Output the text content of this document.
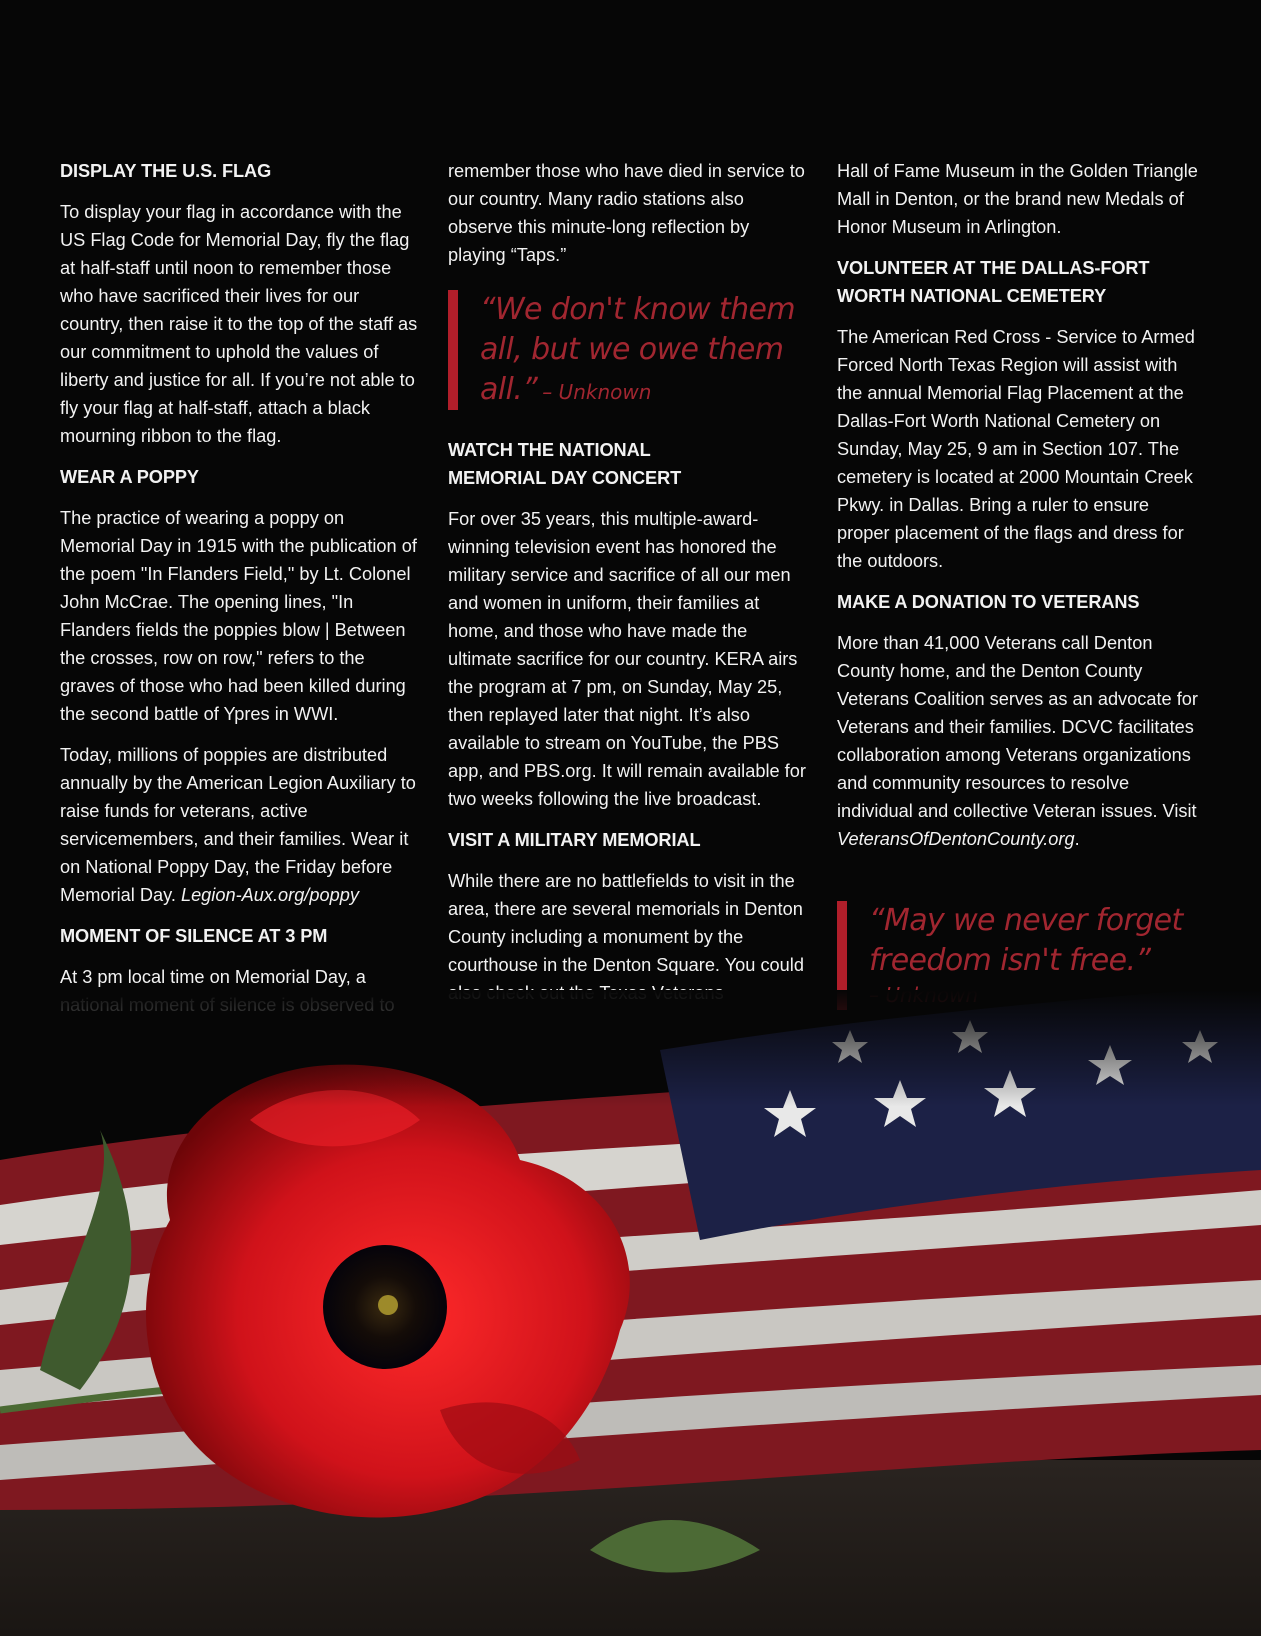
DISPLAY THE U.S. FLAG

To display your flag in accordance with the US Flag Code for Memorial Day, fly the flag at half-staff until noon to remember those who have sacrificed their lives for our country, then raise it to the top of the staff as our commitment to uphold the values of liberty and justice for all. If you’re not able to fly your flag at half-staff, attach a black mourning ribbon to the flag.

WEAR A POPPY

The practice of wearing a poppy on Memorial Day in 1915 with the publication of the poem "In Flanders Field," by Lt. Colonel John McCrae. The opening lines, "In Flanders fields the poppies blow | Between the crosses, row on row," refers to the graves of those who had been killed during the second battle of Ypres in WWI.

Today, millions of poppies are distributed annually by the American Legion Auxiliary to raise funds for veterans, active servicemembers, and their families. Wear it on National Poppy Day, the Friday before Memorial Day. Legion-Aux.org/poppy

MOMENT OF SILENCE AT 3 PM

At 3 pm local time on Memorial Day, a

remember those who have died in service to our country. Many radio stations also observe this minute-long reflection by playing “Taps.”

“We don't know them all, but we owe them all.” – Unknown
WATCH THE NATIONAL
MEMORIAL DAY CONCERT

For over 35 years, this multiple-award-winning television event has honored the military service and sacrifice of all our men and women in uniform, their families at home, and those who have made the ultimate sacrifice for our country. KERA airs the program at 7 pm, on Sunday, May 25, then replayed later that night. It’s also available to stream on YouTube, the PBS app, and PBS.org. It will remain available for two weeks following the live broadcast.

VISIT A MILITARY MEMORIAL

While there are no battlefields to visit in the area, there are several memorials in Denton County including a monument by the courthouse in the Denton Square. You could

Hall of Fame Museum in the Golden Triangle Mall in Denton, or the brand new Medals of Honor Museum in Arlington.

VOLUNTEER AT THE DALLAS-FORT
WORTH NATIONAL CEMETERY

The American Red Cross - Service to Armed Forced North Texas Region will assist with the annual Memorial Flag Placement at the Dallas-Fort Worth National Cemetery on Sunday, May 25, 9 am in Section 107. The cemetery is located at 2000 Mountain Creek Pkwy. in Dallas. Bring a ruler to ensure proper placement of the flags and dress for the outdoors.

MAKE A DONATION TO VETERANS

More than 41,000 Veterans call Denton County home, and the Denton County Veterans Coalition serves as an advocate for Veterans and their families. DCVC facilitates collaboration among Veterans organizations and community resources to resolve individual and collective Veteran issues. Visit VeteransOfDentonCounty.org.

“May we never forget freedom isn't free.”
